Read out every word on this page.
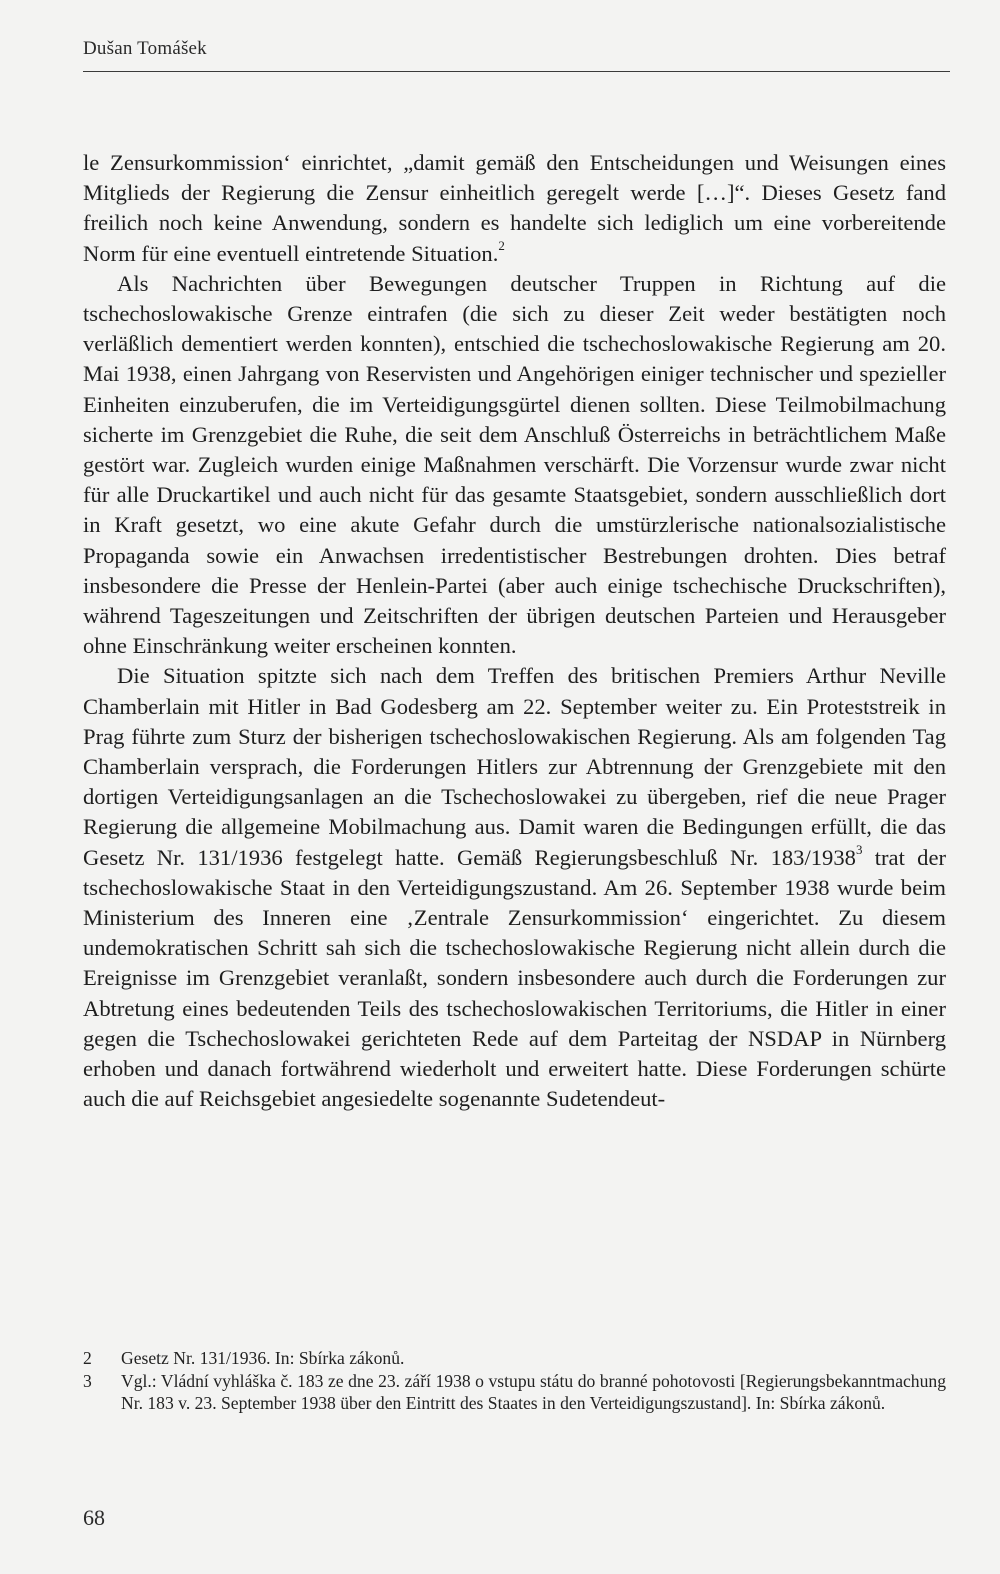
Dušan Tomášek

le Zensurkommission‘ einrichtet, „damit gemäß den Entscheidungen und Weisungen eines Mitglieds der Regierung die Zensur einheitlich geregelt werde […]“. Dieses Gesetz fand freilich noch keine Anwendung, sondern es handelte sich lediglich um eine vorbereitende Norm für eine eventuell eintretende Situation.$^2$

Als Nachrichten über Bewegungen deutscher Truppen in Richtung auf die tschechoslowakische Grenze eintrafen (die sich zu dieser Zeit weder bestätigten noch verläßlich dementiert werden konnten), entschied die tschechoslowakische Regierung am 20. Mai 1938, einen Jahrgang von Reservisten und Angehörigen einiger technischer und spezieller Einheiten einzuberufen, die im Verteidigungsgürtel dienen sollten. Diese Teilmobilmachung sicherte im Grenzgebiet die Ruhe, die seit dem Anschluß Österreichs in beträchtlichem Maße gestört war. Zugleich wurden einige Maßnahmen verschärft. Die Vorzensur wurde zwar nicht für alle Druckartikel und auch nicht für das gesamte Staatsgebiet, sondern ausschließlich dort in Kraft gesetzt, wo eine akute Gefahr durch die umstürzlerische nationalsozialistische Propaganda sowie ein Anwachsen irredentistischer Bestrebungen drohten. Dies betraf insbesondere die Presse der Henlein-Partei (aber auch einige tschechische Druckschriften), während Tageszeitungen und Zeitschriften der übrigen deutschen Parteien und Herausgeber ohne Einschränkung weiter erscheinen konnten.

Die Situation spitzte sich nach dem Treffen des britischen Premiers Arthur Neville Chamberlain mit Hitler in Bad Godesberg am 22. September weiter zu. Ein Proteststreik in Prag führte zum Sturz der bisherigen tschechoslowakischen Regierung. Als am folgenden Tag Chamberlain versprach, die Forderungen Hitlers zur Abtrennung der Grenzgebiete mit den dortigen Verteidigungsanlagen an die Tschechoslowakei zu übergeben, rief die neue Prager Regierung die allgemeine Mobilmachung aus. Damit waren die Bedingungen erfüllt, die das Gesetz Nr. 131/1936 festgelegt hatte. Gemäß Regierungsbeschluß Nr. 183/1938$^3$ trat der tschechoslowakische Staat in den Verteidigungszustand. Am 26. September 1938 wurde beim Ministerium des Inneren eine ‚Zentrale Zensurkommission‘ eingerichtet. Zu diesem undemokratischen Schritt sah sich die tschechoslowakische Regierung nicht allein durch die Ereignisse im Grenzgebiet veranlaßt, sondern insbesondere auch durch die Forderungen zur Abtretung eines bedeutenden Teils des tschechoslowakischen Territoriums, die Hitler in einer gegen die Tschechoslowakei gerichteten Rede auf dem Parteitag der NSDAP in Nürnberg erhoben und danach fortwährend wiederholt und erweitert hatte. Diese Forderungen schürte auch die auf Reichsgebiet angesiedelte sogenannte Sudetendeut-

2	Gesetz Nr. 131/1936. In: Sbírka zákonů.
3	Vgl.: Vládní vyhláška č. 183 ze dne 23. září 1938 o vstupu státu do branné pohotovosti [Regierungsbekanntmachung Nr. 183 v. 23. September 1938 über den Eintritt des Staates in den Verteidigungszustand]. In: Sbírka zákonů.
68
